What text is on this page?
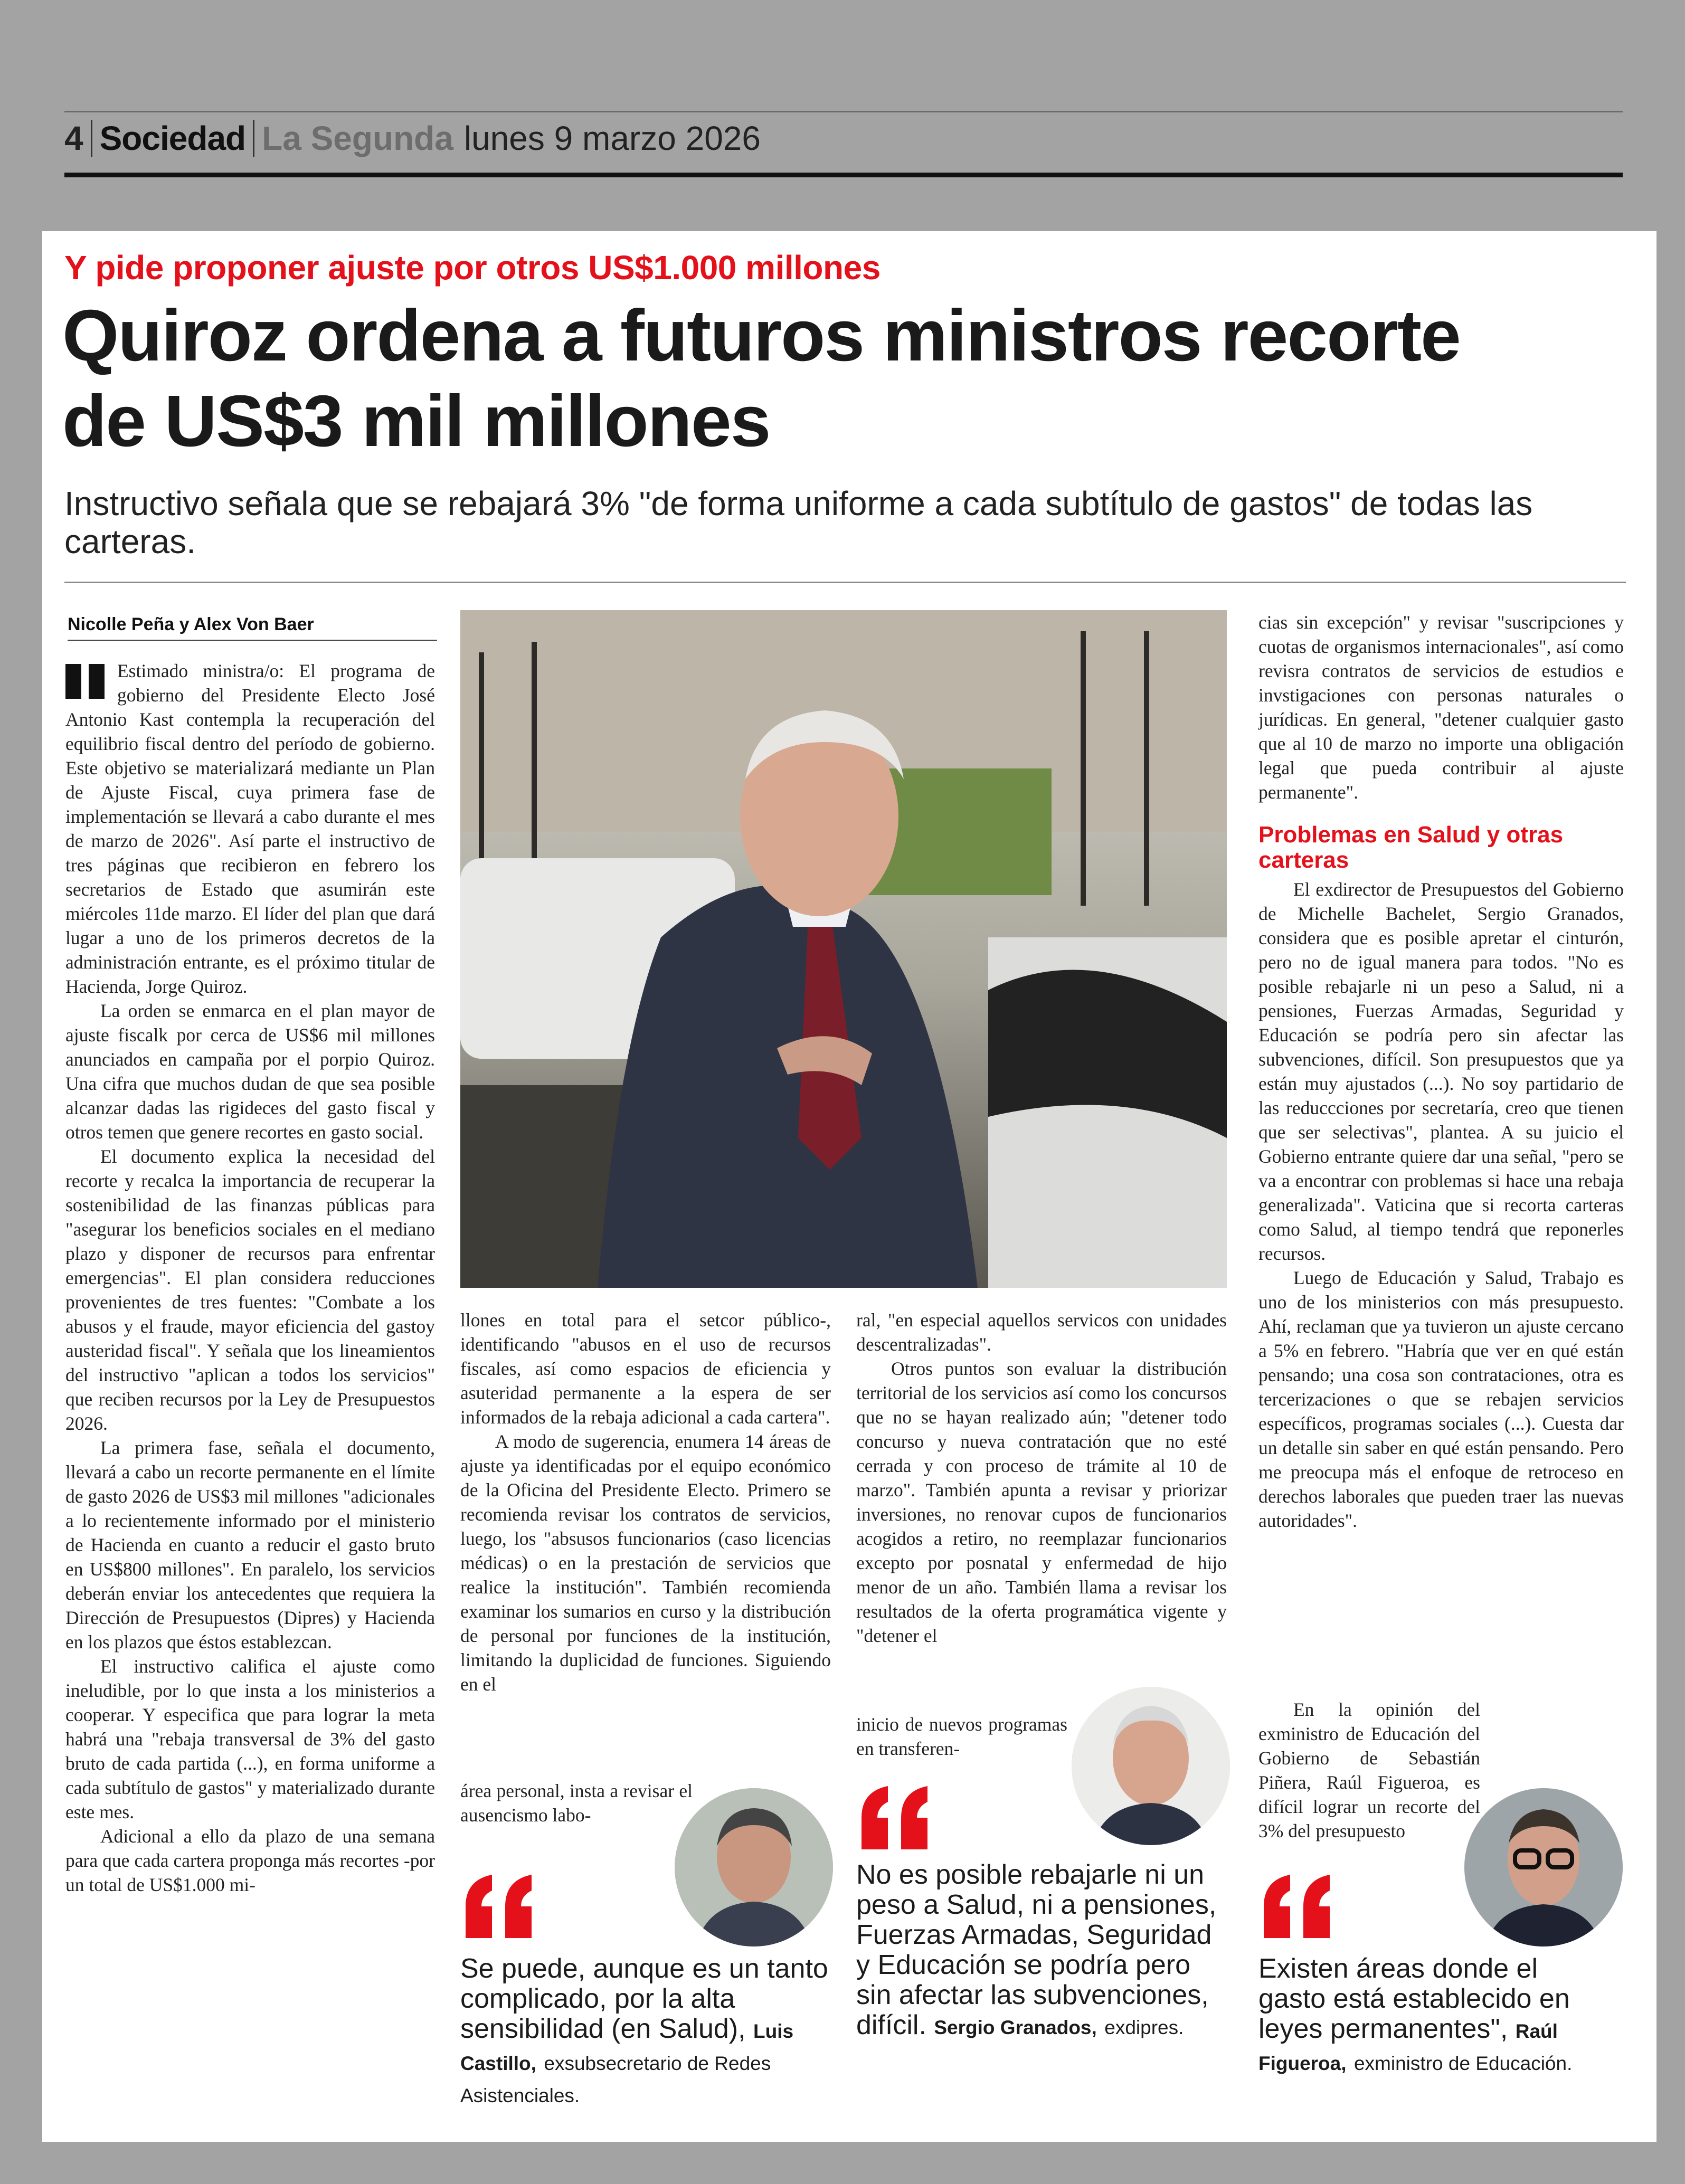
4 Sociedad La Segunda lunes 9 marzo 2026
Y pide proponer ajuste por otros US$1.000 millones
Quiroz ordena a futuros ministros recorte
de US$3 mil millones
Instructivo señala que se rebajará 3% "de forma uniforme a cada subtítulo de gastos" de todas las carteras.
Nicolle Peña y Alex Von Baer

Estimado ministra/o: El programa de gobierno del Presidente Electo José Antonio Kast contempla la recuperación del equilibrio fiscal dentro del período de gobierno. Este objetivo se materializará mediante un Plan de Ajuste Fiscal, cuya primera fase de implementación se llevará a cabo durante el mes de marzo de 2026". Así parte el instructivo de tres páginas que recibieron en febrero los secretarios de Estado que asumirán este miércoles 11de marzo. El líder del plan que dará lugar a uno de los primeros decretos de la administración entrante, es el próximo titular de Hacienda, Jorge Quiroz.

La orden se enmarca en el plan mayor de ajuste fiscalk por cerca de US$6 mil millones anunciados en campaña por el porpio Quiroz. Una cifra que muchos dudan de que sea posible alcanzar dadas las rigideces del gasto fiscal y otros temen que genere recortes en gasto social.

El documento explica la necesidad del recorte y recalca la importancia de recuperar la sostenibilidad de las finanzas públicas para "asegurar los beneficios sociales en el mediano plazo y disponer de recursos para enfrentar emergencias". El plan considera reducciones provenientes de tres fuentes: "Combate a los abusos y el fraude, mayor eficiencia del gastoy austeridad fiscal". Y señala que los lineamientos del instructivo "aplican a todos los servicios" que reciben recursos por la Ley de Presupuestos 2026.

La primera fase, señala el documento, llevará a cabo un recorte permanente en el límite de gasto 2026 de US$3 mil millones "adicionales a lo recientemente informado por el ministerio de Hacienda en cuanto a reducir el gasto bruto en US$800 millones". En paralelo, los servicios deberán enviar los antecedentes que requiera la Dirección de Presupuestos (Dipres) y Hacienda en los plazos que éstos establezcan.

El instructivo califica el ajuste como ineludible, por lo que insta a los ministerios a cooperar. Y especifica que para lograr la meta habrá una "rebaja transversal de 3% del gasto bruto de cada partida (...), en forma uniforme a cada subtítulo de gastos" y materializado durante este mes.

Adicional a ello da plazo de una semana para que cada cartera proponga más recortes -por un total de US$1.000 mi-

llones en total para el setcor público-, identificando "abusos en el uso de recursos fiscales, así como espacios de eficiencia y asuteridad permanente a la espera de ser informados de la rebaja adicional a cada cartera".

A modo de sugerencia, enumera 14 áreas de ajuste ya identificadas por el equipo económico de la Oficina del Presidente Electo. Primero se recomienda revisar los contratos de servicios, luego, los "absusos funcionarios (caso licencias médicas) o en la prestación de servicios que realice la institución". También recomienda examinar los sumarios en curso y la distribución de personal por funciones de la institución, limitando la duplicidad de funciones. Siguiendo en el

área personal, insta a revisar el ausencismo labo-

ral, "en especial aquellos servicos con unidades descentralizadas".

Otros puntos son evaluar la distribución territorial de los servicios así como los concursos que no se hayan realizado aún; "detener todo concurso y nueva contratación que no esté cerrada y con proceso de trámite al 10 de marzo". También apunta a revisar y priorizar inversiones, no renovar cupos de funcionarios acogidos a retiro, no reemplazar funcionarios excepto por posnatal y enfermedad de hijo menor de un año. También llama a revisar los resultados de la oferta programática vigente y "detener el

inicio de nuevos programas en transferen-

cias sin excepción" y revisar "suscripciones y cuotas de organismos internacionales", así como revisra contratos de servicios de estudios e invstigaciones con personas naturales o jurídicas. En general, "detener cualquier gasto que al 10 de marzo no importe una obligación legal que pueda contribuir al ajuste permanente".

Problemas en Salud y otras carteras

El exdirector de Presupuestos del Gobierno de Michelle Bachelet, Sergio Granados, considera que es posible apretar el cinturón, pero no de igual manera para todos. "No es posible rebajarle ni un peso a Salud, ni a pensiones, Fuerzas Armadas, Seguridad y Educación se podría pero sin afectar las subvenciones, difícil. Son presupuestos que ya están muy ajustados (...). No soy partidario de las reduccciones por secretaría, creo que tienen que ser selectivas", plantea. A su juicio el Gobierno entrante quiere dar una señal, "pero se va a encontrar con problemas si hace una rebaja generalizada". Vaticina que si recorta carteras como Salud, al tiempo tendrá que reponerles recursos.

Luego de Educación y Salud, Trabajo es uno de los ministerios con más presupuesto. Ahí, reclaman que ya tuvieron un ajuste cercano a 5% en febrero. "Habría que ver en qué están pensando; una cosa son contrataciones, otra es tercerizaciones o que se rebajen servicios específicos, programas sociales (...). Cuesta dar un detalle sin saber en qué están pensando. Pero me preocupa más el enfoque de retroceso en derechos laborales que pueden traer las nuevas autoridades".

En la opinión del exministro de Educación del Gobierno de Sebastián Piñera, Raúl Figueroa, es difícil lograr un recorte del 3% del presupuesto

Se puede, aunque es un tanto complicado, por la alta sensibilidad (en Salud), Luis Castillo, exsubsecretario de Redes Asistenciales.
No es posible rebajarle ni un peso a Salud, ni a pensiones, Fuerzas Armadas, Seguridad y Educación se podría pero sin afectar las subvenciones, difícil. Sergio Granados, exdipres.
Existen áreas donde el gasto está establecido en leyes permanentes", Raúl Figueroa, exministro de Educación.
